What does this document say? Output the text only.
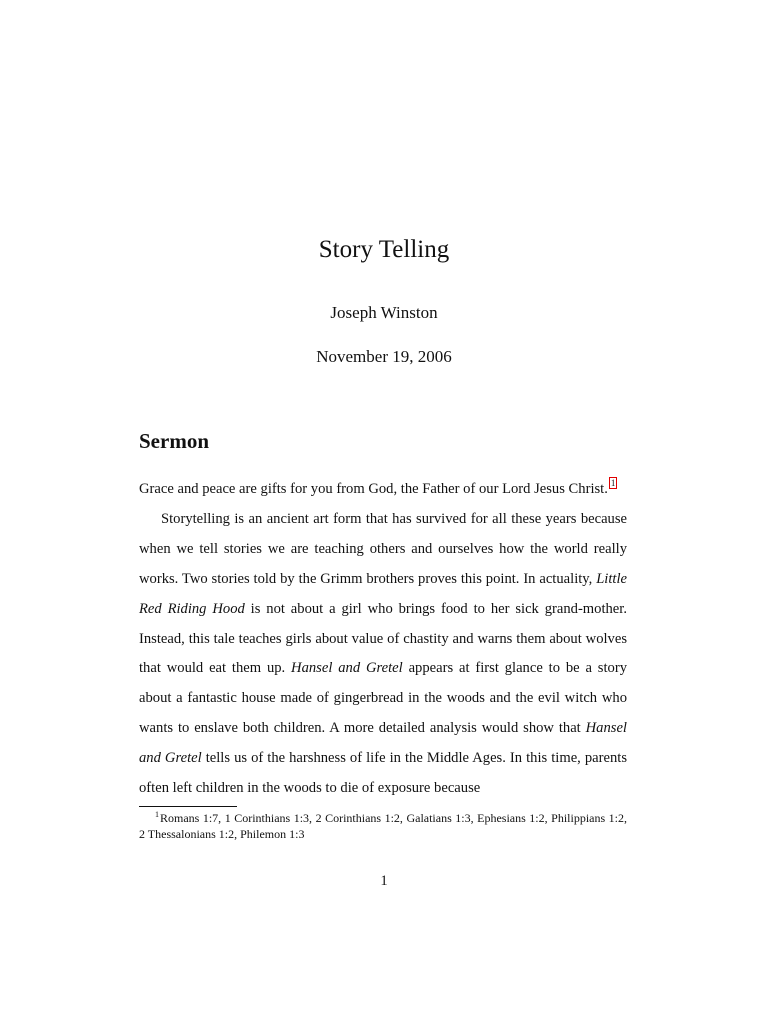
Story Telling
Joseph Winston
November 19, 2006
Sermon

Grace and peace are gifts for you from God, the Father of our Lord Jesus Christ. 1

Storytelling is an ancient art form that has survived for all these years because when we tell stories we are teaching others and ourselves how the world really works. Two stories told by the Grimm brothers proves this point. In actuality, Little Red Riding Hood is not about a girl who brings food to her sick grand-mother. Instead, this tale teaches girls about value of chastity and warns them about wolves that would eat them up. Hansel and Gretel appears at first glance to be a story about a fantastic house made of gingerbread in the woods and the evil witch who wants to enslave both children. A more detailed analysis would show that Hansel and Gretel tells us of the harshness of life in the Middle Ages. In this time, parents often left children in the woods to die of exposure because

$^1$Romans 1:7, 1 Corinthians 1:3, 2 Corinthians 1:2, Galatians 1:3, Ephesians 1:2, Philippians 1:2, 2 Thessalonians 1:2, Philemon 1:3
1
